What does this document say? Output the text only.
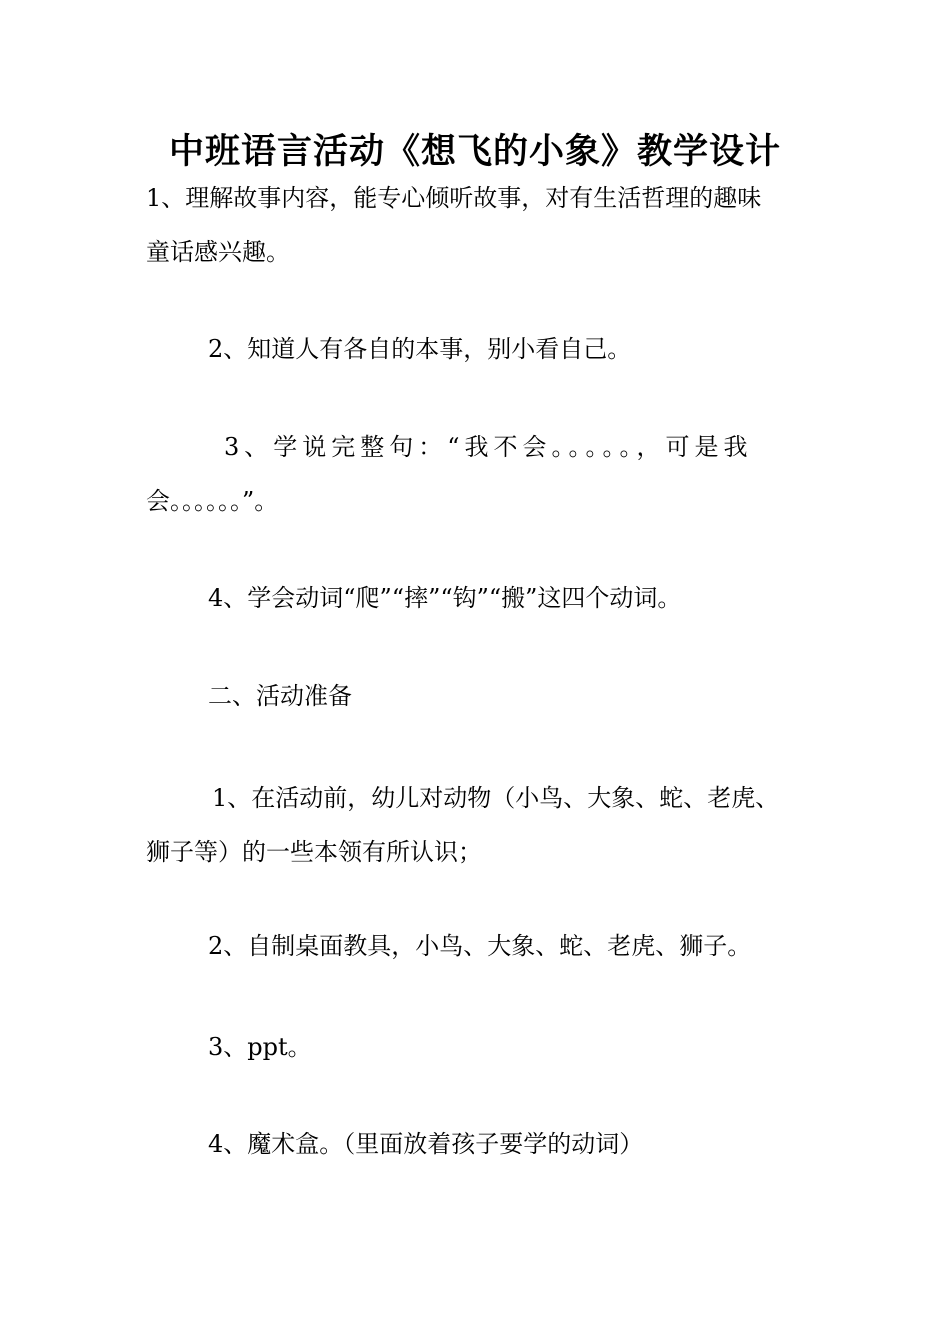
中班语言活动《想飞的小象》教学设计
1、理解故事内容，能专心倾听故事，对有生活哲理的趣味
童话感兴趣。
2、知道人有各自的本事，别小看自己。
3、学说完整句：“我不会。。。。。，可是我
会。。。。。。”。
4、学会动词“爬”“摔”“钩”“搬”这四个动词。
二、活动准备
1、在活动前，幼儿对动物（小鸟、大象、蛇、老虎、
狮子等）的一些本领有所认识；
2、自制桌面教具，小鸟、大象、蛇、老虎、狮子。
3、ppt。
4、魔术盒。（里面放着孩子要学的动词）
